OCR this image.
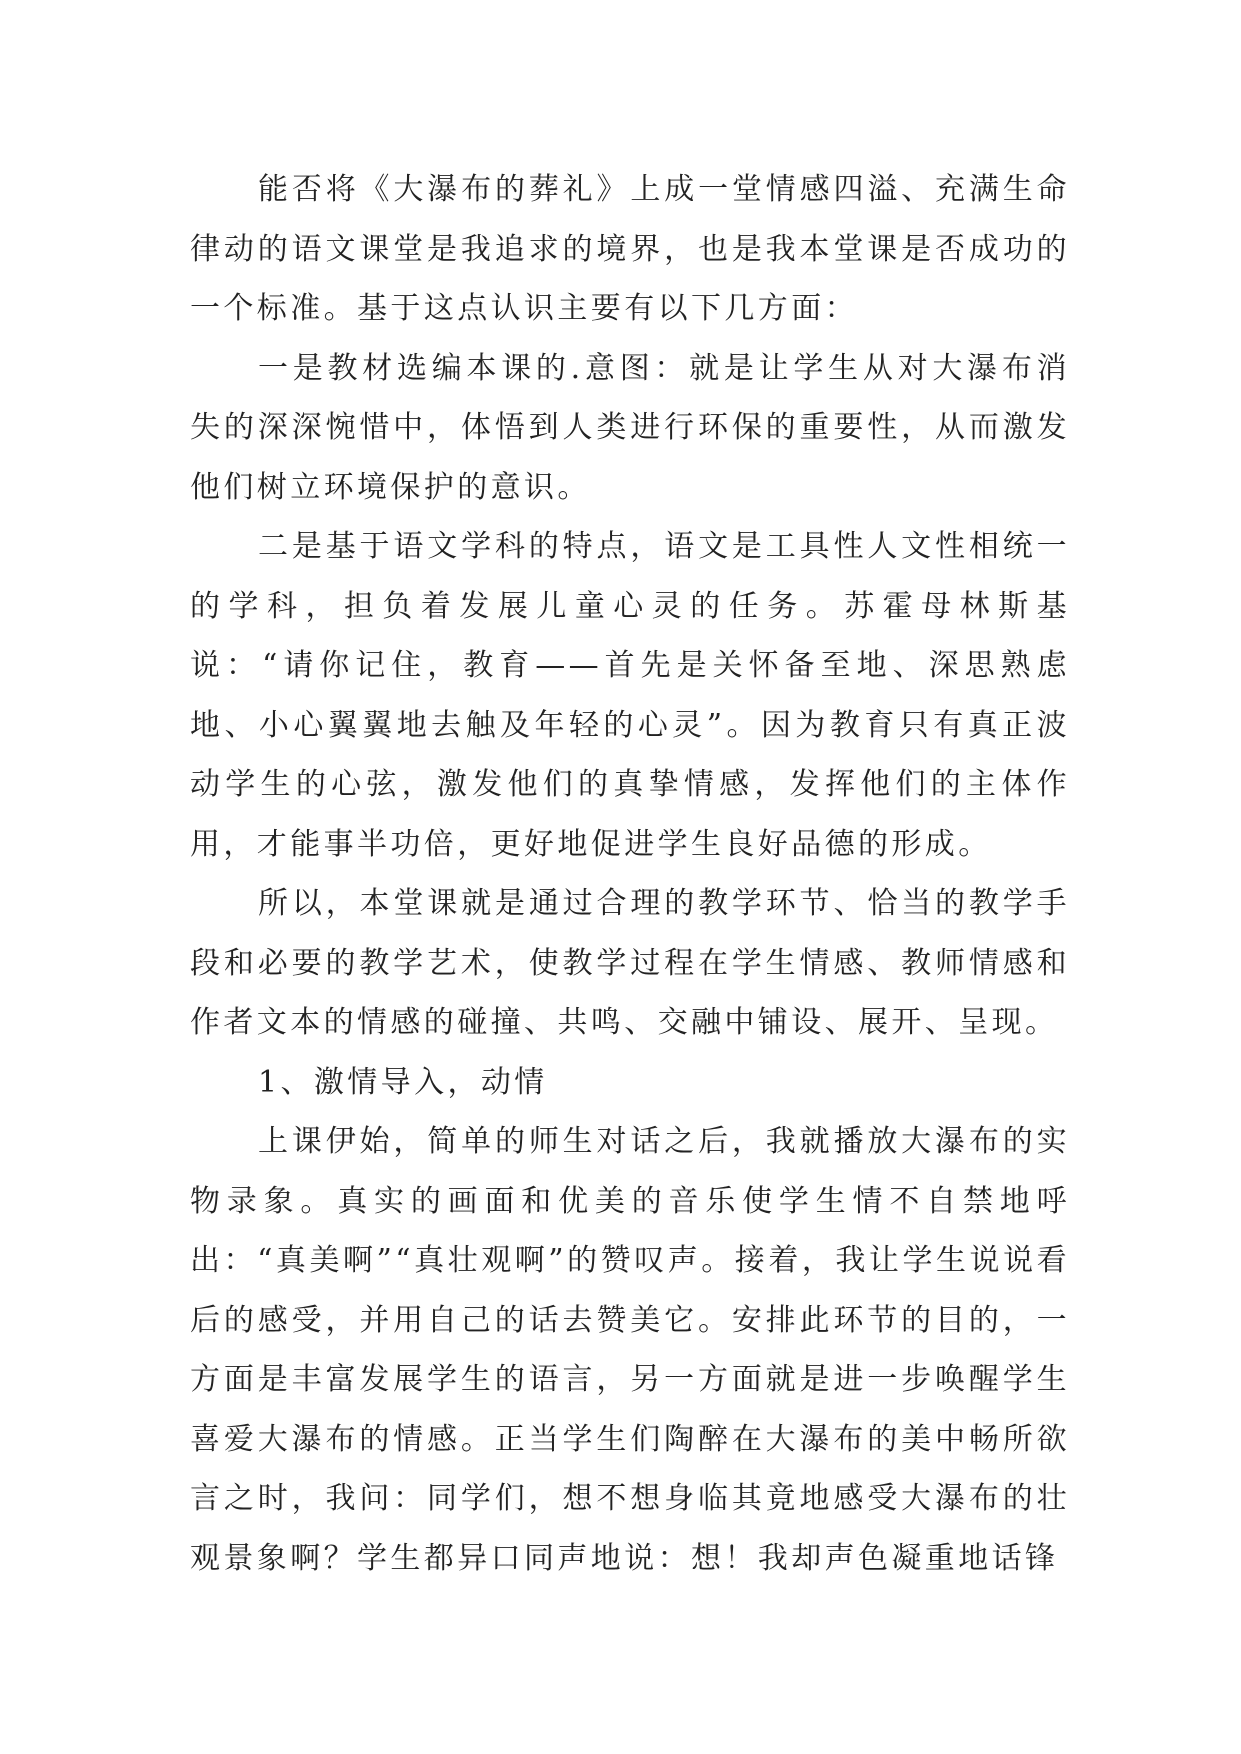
能否将《大瀑布的葬礼》上成一堂情感四溢、充满生命律动的语文课堂是我追求的境界，也是我本堂课是否成功的一个标准。基于这点认识主要有以下几方面：

一是教材选编本课的.意图：就是让学生从对大瀑布消失的深深惋惜中，体悟到人类进行环保的重要性，从而激发他们树立环境保护的意识。

二是基于语文学科的特点，语文是工具性人文性相统一的学科，担负着发展儿童心灵的任务。苏霍母林斯基说：“请你记住，教育——首先是关怀备至地、深思熟虑地、小心翼翼地去触及年轻的心灵”。因为教育只有真正波动学生的心弦，激发他们的真挚情感，发挥他们的主体作用，才能事半功倍，更好地促进学生良好品德的形成。

所以，本堂课就是通过合理的教学环节、恰当的教学手段和必要的教学艺术，使教学过程在学生情感、教师情感和作者文本的情感的碰撞、共鸣、交融中铺设、展开、呈现。

1、激情导入，动情

上课伊始，简单的师生对话之后，我就播放大瀑布的实物录象。真实的画面和优美的音乐使学生情不自禁地呼出：“真美啊”“真壮观啊”的赞叹声。接着，我让学生说说看后的感受，并用自己的话去赞美它。安排此环节的目的，一方面是丰富发展学生的语言，另一方面就是进一步唤醒学生喜爱大瀑布的情感。正当学生们陶醉在大瀑布的美中畅所欲言之时，我问：同学们，想不想身临其竟地感受大瀑布的壮观景象啊？学生都异口同声地说：想！我却声色凝重地话锋
